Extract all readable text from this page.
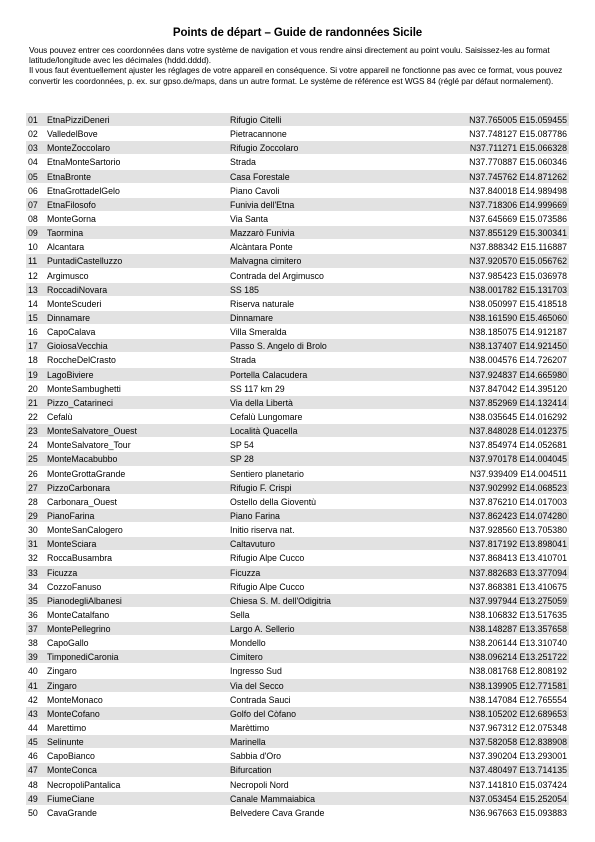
Points de départ – Guide de randonnées Sicile

Vous pouvez entrer ces coordonnées dans votre système de navigation et vous rendre ainsi directement au point voulu. Saisissez-les au format latitude/longitude avec les décimales (hddd.dddd).

Il vous faut éventuellement ajuster les réglages de votre appareil en conséquence. Si votre appareil ne fonctionne pas avec ce format, vous pouvez convertir les coordonnées, p. ex. sur gpso.de/maps, dans un autre format. Le système de référence est WGS 84 (réglé par défaut normalement).

01	EtnaPizziDeneri	Rifugio Citelli	N37.765005 E15.059455
02	ValledelBove	Pietracannone	N37.748127 E15.087786
03	MonteZoccolaro	Rifugio Zoccolaro	N37.711271 E15.066328
04	EtnaMonteSartorio	Strada	N37.770887 E15.060346
05	EtnaBronte	Casa Forestale	N37.745762 E14.871262
06	EtnaGrottadelGelo	Piano Cavoli	N37.840018 E14.989498
07	EtnaFilosofo	Funivia dell'Etna	N37.718306 E14.999669
08	MonteGorna	Via Santa	N37.645669 E15.073586
09	Taormina	Mazzarò Funivia	N37.855129 E15.300341
10	Alcantara	Alcàntara Ponte	N37.888342 E15.116887
11	PuntadiCastelluzzo	Malvagna cimitero	N37.920570 E15.056762
12	Argimusco	Contrada del Argimusco	N37.985423 E15.036978
13	RoccadiNovara	SS 185	N38.001782 E15.131703
14	MonteScuderi	Riserva naturale	N38.050997 E15.418518
15	Dinnamare	Dinnamare	N38.161590 E15.465060
16	CapoCalava	Villa Smeralda	N38.185075 E14.912187
17	GioiosaVecchia	Passo S. Angelo di Brolo	N38.137407 E14.921450
18	RoccheDelCrasto	Strada	N38.004576 E14.726207
19	LagoBiviere	Portella Calacudera	N37.924837 E14.665980
20	MonteSambughetti	SS 117 km 29	N37.847042 E14.395120
21	Pizzo_Catarineci	Via della Libertà	N37.852969 E14.132414
22	Cefalù	Cefalù Lungomare	N38.035645 E14.016292
23	MonteSalvatore_Ouest	Località Quacella	N37.848028 E14.012375
24	MonteSalvatore_Tour	SP 54	N37.854974 E14.052681
25	MonteMacabubbo	SP 28	N37.970178 E14.004045
26	MonteGrottaGrande	Sentiero planetario	N37.939409 E14.004511
27	PizzoCarbonara	Rifugio F. Crispi	N37.902992 E14.068523
28	Carbonara_Ouest	Ostello della Gioventù	N37.876210 E14.017003
29	PianoFarina	Piano Farina	N37.862423 E14.074280
30	MonteSanCalogero	Initio riserva nat.	N37.928560 E13.705380
31	MonteSciara	Caltavuturo	N37.817192 E13.898041
32	RoccaBusambra	Rifugio Alpe Cucco	N37.868413 E13.410701
33	Ficuzza	Ficuzza	N37.882683 E13.377094
34	CozzoFanuso	Rifugio Alpe Cucco	N37.868381 E13.410675
35	PianodegliAlbanesi	Chiesa S. M. dell'Odigitria	N37.997944 E13.275059
36	MonteCatalfano	Sella	N38.106832 E13.517635
37	MontePellegrino	Largo A. Sellerio	N38.148287 E13.357658
38	CapoGallo	Mondello	N38.206144 E13.310740
39	TimponediCaronia	Cimitero	N38.096214 E13.251722
40	Zingaro	Ingresso Sud	N38.081768 E12.808192
41	Zingaro	Via del Secco	N38.139905 E12.771581
42	MonteMonaco	Contrada Sauci	N38.147084 E12.765554
43	MonteCofano	Golfo del Còfano	N38.105202 E12.689653
44	Marettimo	Marèttimo	N37.967312 E12.075348
45	Selinunte	Marinella	N37.582058 E12.838908
46	CapoBianco	Sabbia d'Oro	N37.390204 E13.293001
47	MonteConca	Bifurcation	N37.480497 E13.714135
48	NecropoliPantalica	Necropoli Nord	N37.141810 E15.037424
49	FiumeCiane	Canale Mammaiabica	N37.053454 E15.252054
50	CavaGrande	Belvedere Cava Grande	N36.967663 E15.093883
